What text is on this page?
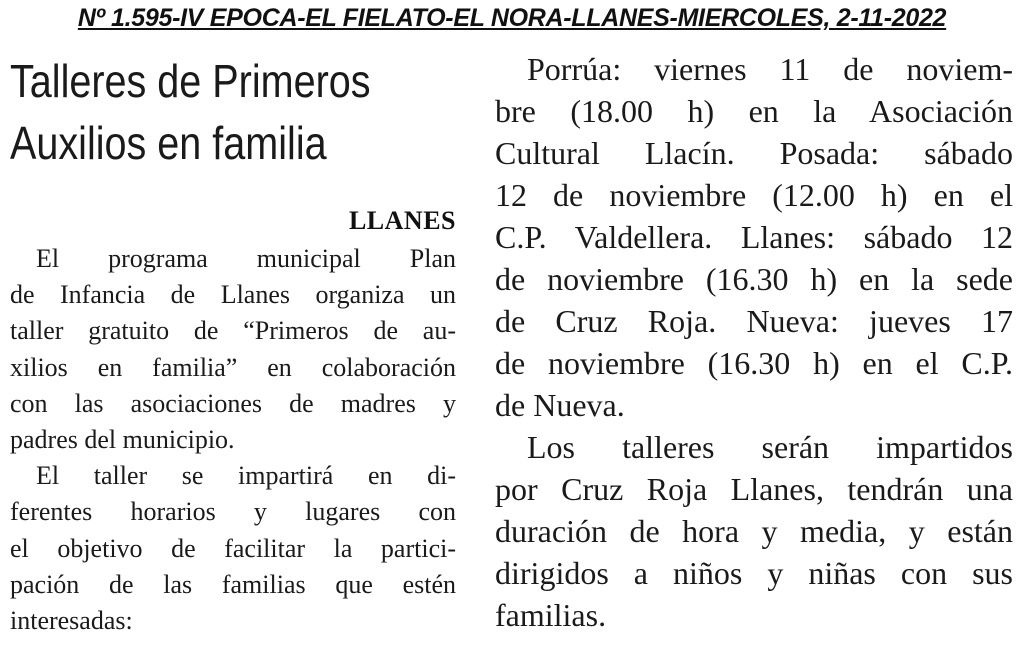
Nº 1.595-IV EPOCA-EL FIELATO-EL NORA-LLANES-MIERCOLES, 2-11-2022
Talleres de Primeros
Auxilios en familia
LLANES
 El programa municipal Plan
de Infancia de Llanes organiza un
taller gratuito de “Primeros de au-
xilios en familia” en colaboración
con las asociaciones de madres y
padres del municipio.
 El taller se impartirá en di-
ferentes horarios y lugares con
el objetivo de facilitar la partici-
pación de las familias que estén
interesadas:
 Porrúa: viernes 11 de noviem-
bre (18.00 h) en la Asociación
Cultural Llacín. Posada: sábado
12 de noviembre (12.00 h) en el
C.P. Valdellera. Llanes: sábado 12
de noviembre (16.30 h) en la sede
de Cruz Roja. Nueva: jueves 17
de noviembre (16.30 h) en el C.P.
de Nueva.
 Los talleres serán impartidos
por Cruz Roja Llanes, tendrán una
duración de hora y media, y están
dirigidos a niños y niñas con sus
familias.
